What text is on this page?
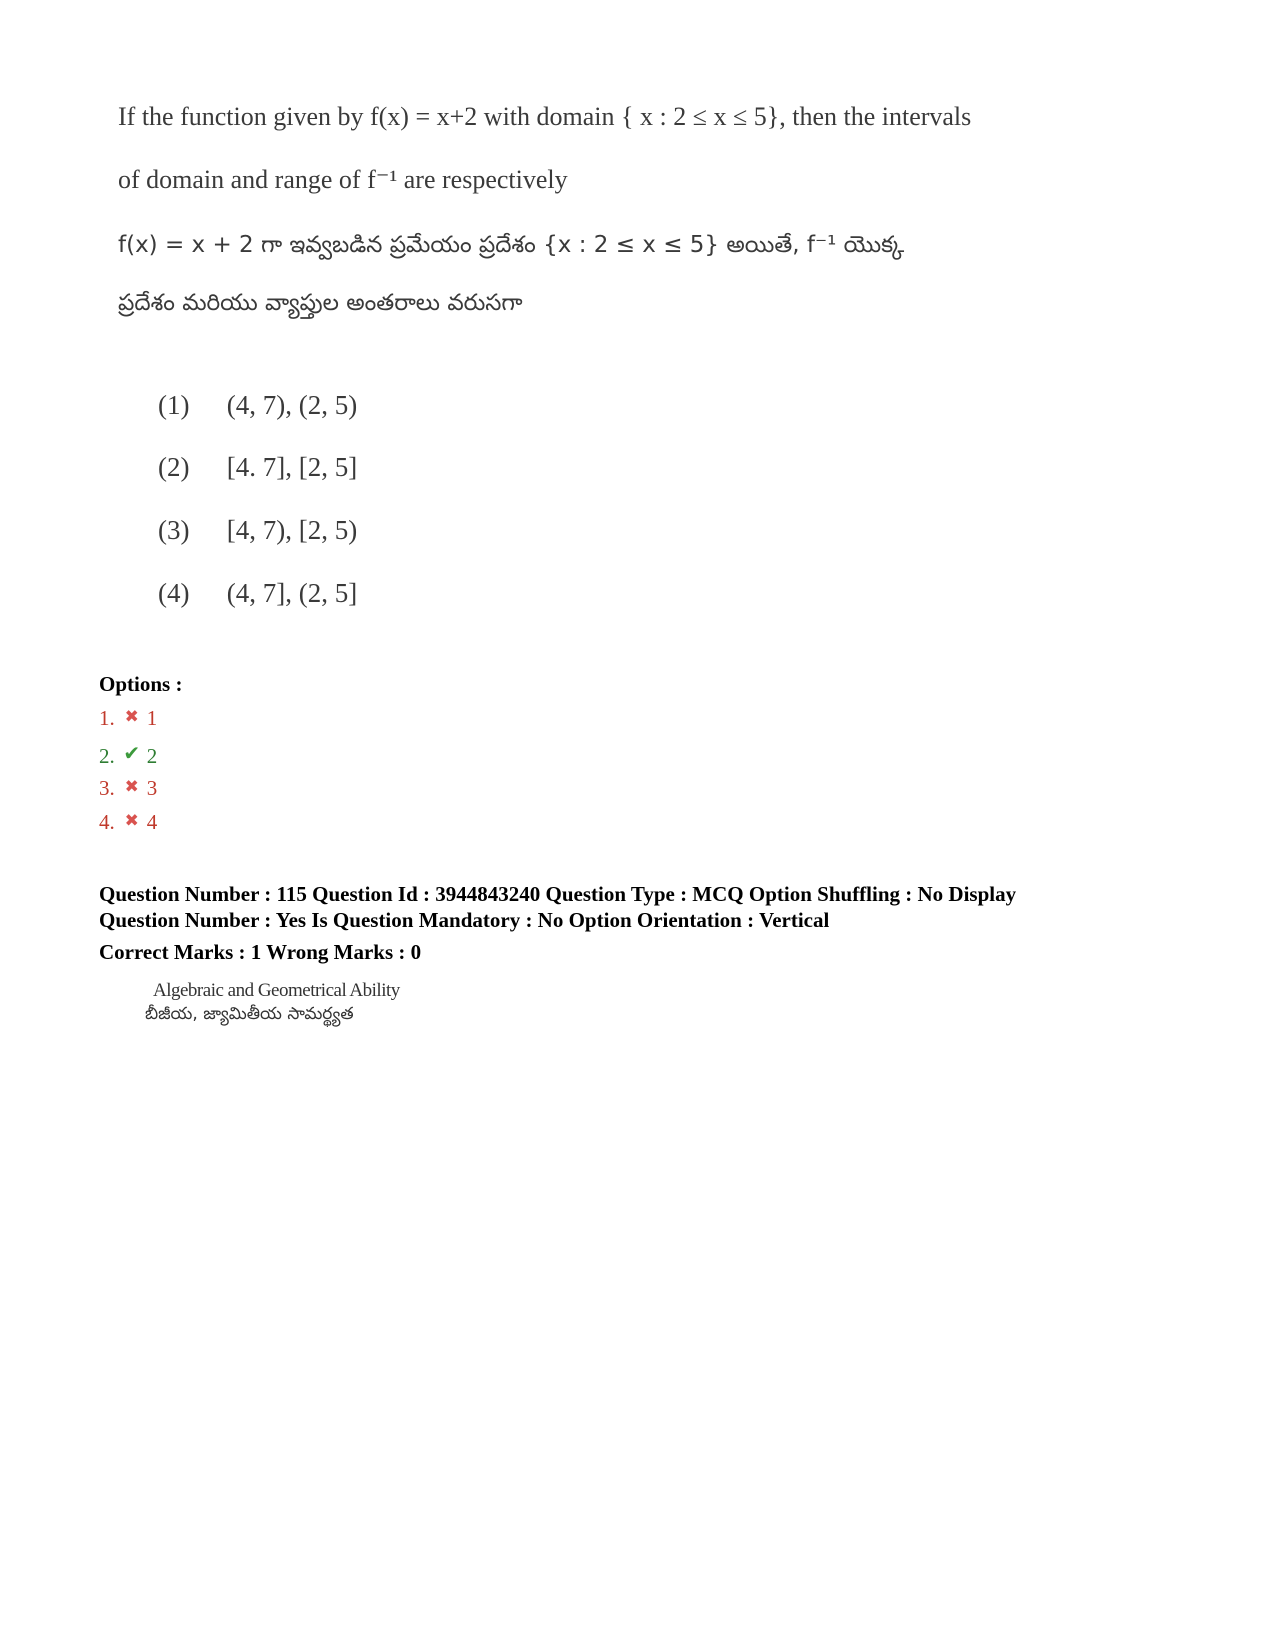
If the function given by f(x) = x+2 with domain { x : 2 ≤ x ≤ 5}, then the intervals
of domain and range of f⁻¹ are respectively
f(x) = x + 2 గా ఇవ్వబడిన ప్రమేయం ప్రదేశం {x : 2 ≤ x ≤ 5} అయితే, f⁻¹ యొక్క
ప్రదేశం మరియు వ్యాప్తుల అంతరాలు వరుసగా
(1) (4, 7), (2, 5)
(2) [4. 7], [2, 5]
(3) [4, 7), [2, 5)
(4) (4, 7], (2, 5]
Options :
1. ✖ 1
2. ✔ 2
3. ✖ 3
4. ✖ 4
Question Number : 115 Question Id : 3944843240 Question Type : MCQ Option Shuffling : No Display
Question Number : Yes Is Question Mandatory : No Option Orientation : Vertical
Correct Marks : 1 Wrong Marks : 0
Algebraic and Geometrical Ability
బీజీయ, జ్యామితీయ సామర్థ్యత
